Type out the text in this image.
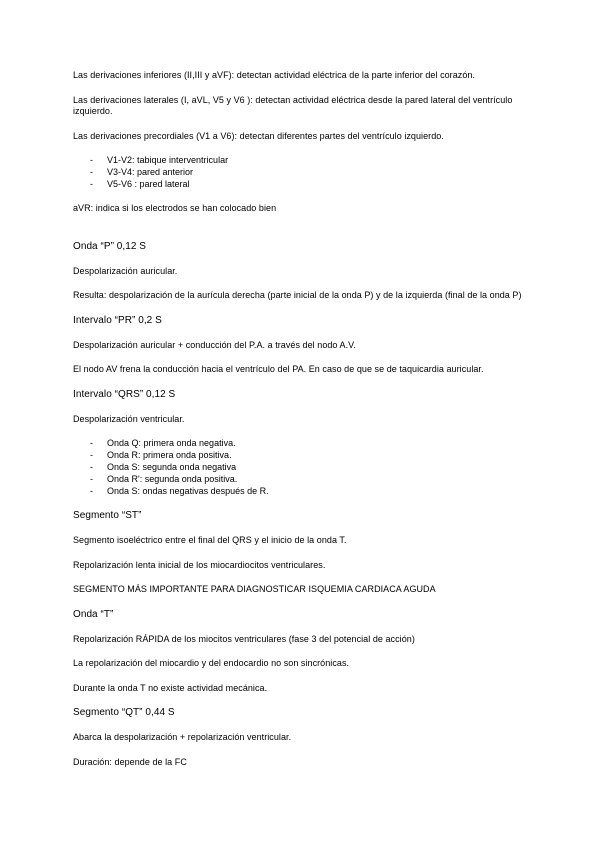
Las derivaciones inferiores (II,III y aVF): detectan actividad eléctrica de la parte inferior del corazón.

Las derivaciones laterales (I, aVL, V5 y V6 ): detectan actividad eléctrica desde la pared lateral del ventrículo izquierdo.

Las derivaciones precordiales (V1 a V6): detectan diferentes partes del ventrículo izquierdo.

- V1-V2: tabique interventricular
- V3-V4: pared anterior
- V5-V6 : pared lateral

aVR: indica si los electrodos se han colocado bien

Onda “P” 0,12 S

Despolarización auricular.

Resulta: despolarización de la aurícula derecha (parte inicial de la onda P) y de la izquierda (final de la onda P)

Intervalo “PR” 0,2 S

Despolarización auricular + conducción del P.A. a través del nodo A.V.

El nodo AV frena la conducción hacia el ventrículo del PA. En caso de que se de taquicardia auricular.

Intervalo “QRS” 0,12 S

Despolarización ventricular.

- Onda Q: primera onda negativa.
- Onda R: primera onda positiva.
- Onda S: segunda onda negativa
- Onda R': segunda onda positiva.
- Onda S: ondas negativas después de R.

Segmento “ST”

Segmento isoeléctrico entre el final del QRS y el inicio de la onda T.

Repolarización lenta inicial de los miocardiocitos ventriculares.

SEGMENTO MÁS IMPORTANTE PARA DIAGNOSTICAR ISQUEMIA CARDIACA AGUDA

Onda “T”

Repolarización RÁPIDA de los miocitos ventriculares (fase 3 del potencial de acción)

La repolarización del miocardio y del endocardio no son sincrónicas.

Durante la onda T no existe actividad mecánica.

Segmento “QT” 0,44 S

Abarca la despolarización + repolarización ventricular.

Duración: depende de la FC
